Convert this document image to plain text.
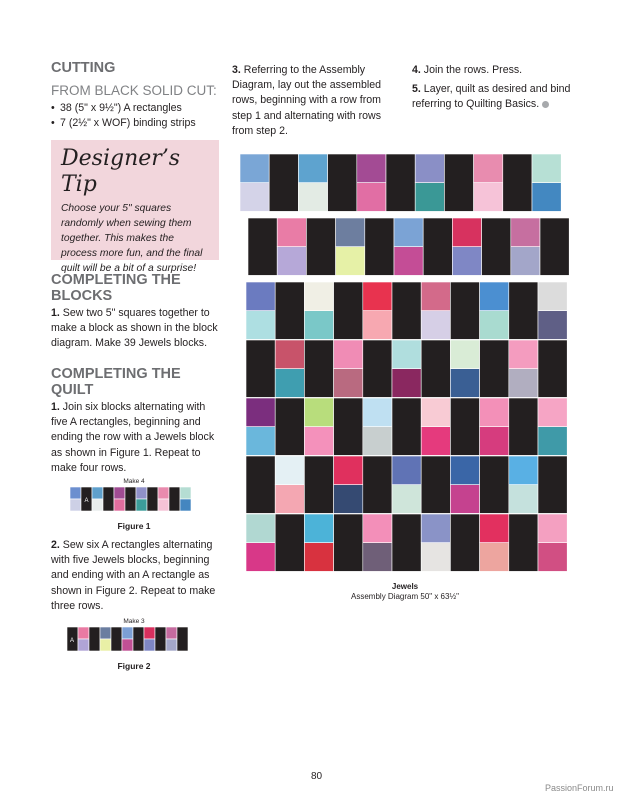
CUTTING

FROM BLACK SOLID CUT:

• 38 (5" x 9½") A rectangles
• 7 (2½" x WOF) binding strips

Designer’s Tip

Choose your 5" squares randomly when sewing them together. This makes the process more fun, and the final quilt will be a bit of a surprise!

COMPLETING THE

BLOCKS

1. Sew two 5" squares together to make a block as shown in the block diagram. Make 39 Jewels blocks.

COMPLETING THE

QUILT

1. Join six blocks alternating with five A rectangles, beginning and ending the row with a Jewels block as shown in Figure 1. Repeat to make four rows.
Make 4
A
Figure 1
2. Sew six A rectangles alternating with five Jewels blocks, beginning and ending with an A rectangle as shown in Figure 2. Repeat to make three rows.
Make 3
A
Figure 2
3. Referring to the Assembly Diagram, lay out the assembled rows, beginning with a row from step 1 and alternating with rows from step 2.
4. Join the rows. Press.
5. Layer, quilt as desired and bind referring to Quilting Basics.
Jewels
Assembly Diagram 50" x 63½"
80
PassionForum.ru
